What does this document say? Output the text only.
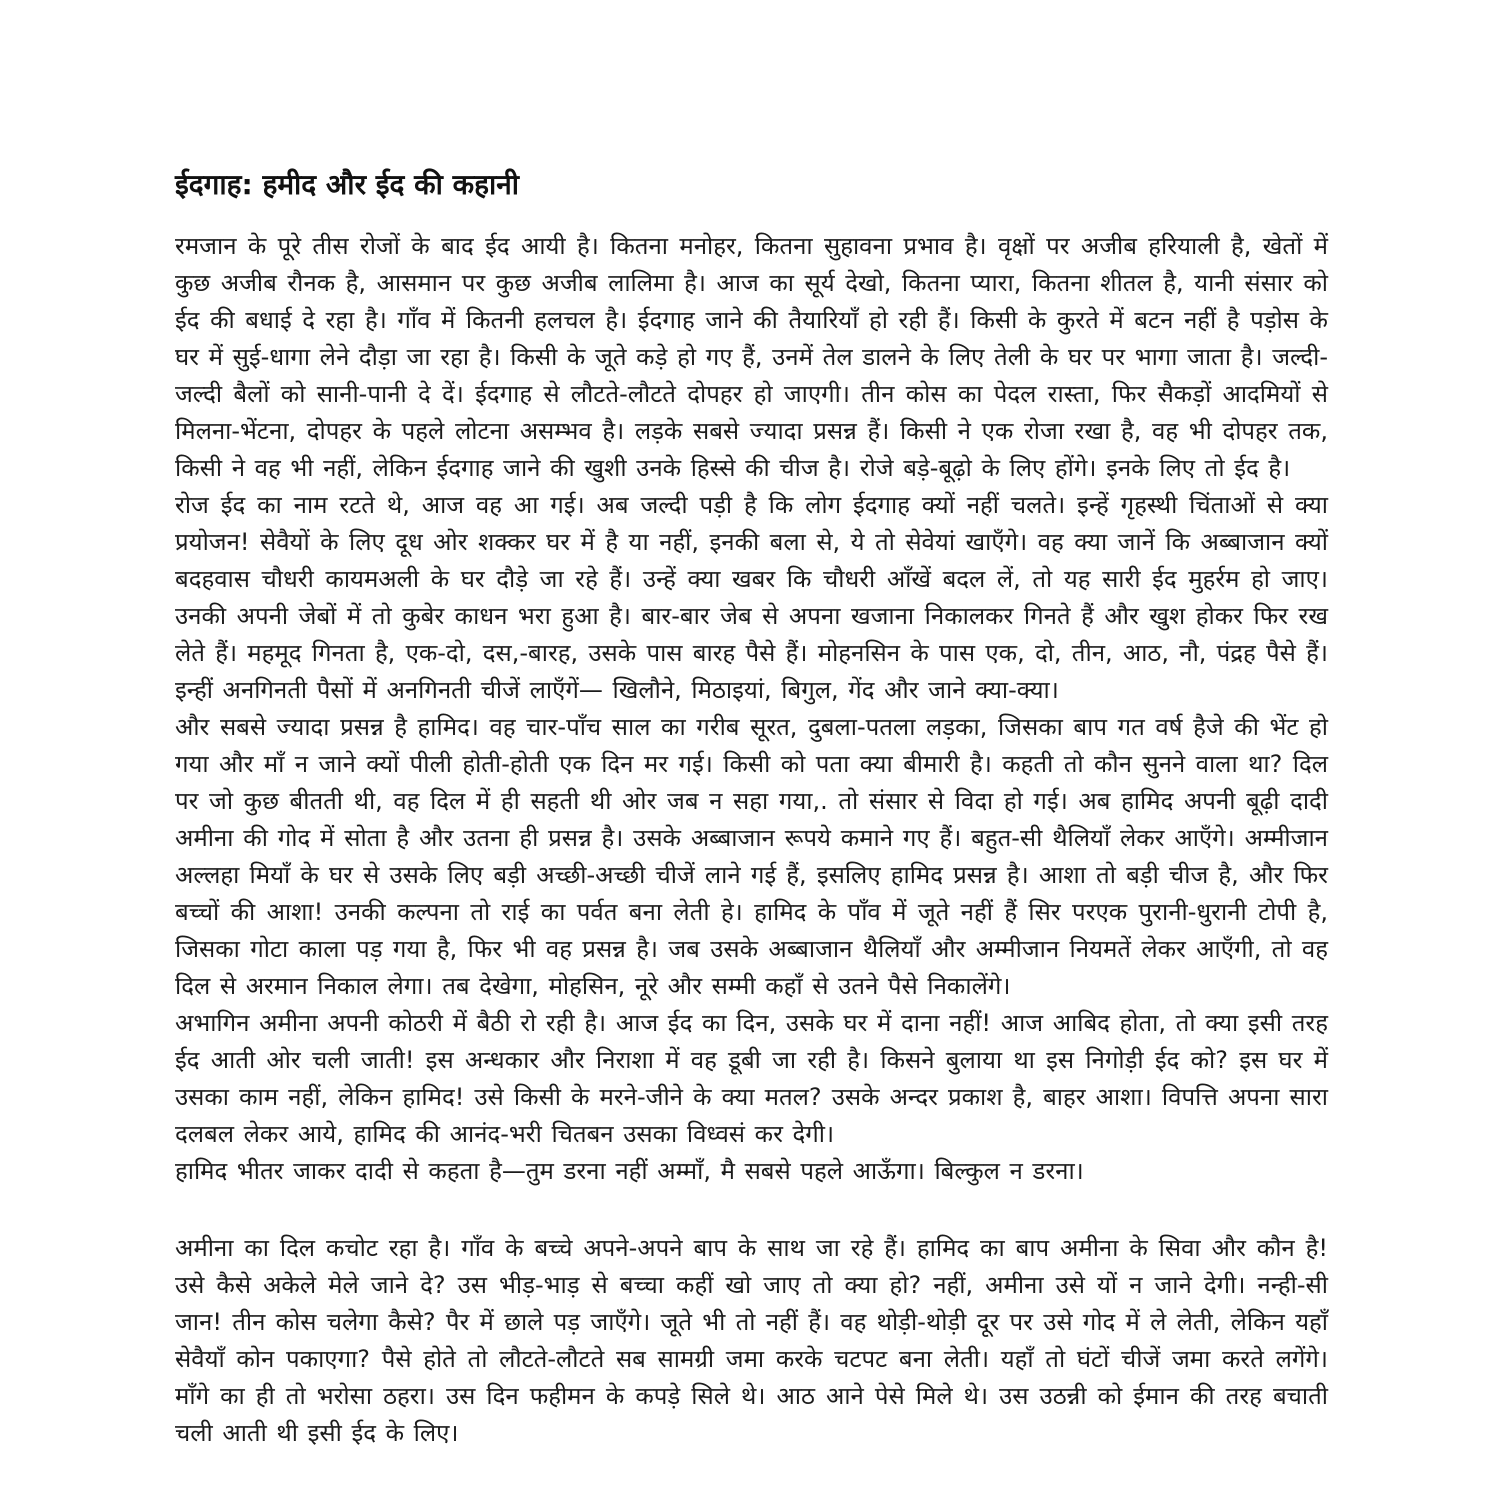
ईदगाह: हमीद और ईद की कहानी

रमजान के पूरे तीस रोजों के बाद ईद आयी है। कितना मनोहर, कितना सुहावना प्रभाव है। वृक्षों पर अजीब हरियाली है, खेतों में कुछ अजीब रौनक है, आसमान पर कुछ अजीब लालिमा है। आज का सूर्य देखो, कितना प्यारा, कितना शीतल है, यानी संसार को ईद की बधाई दे रहा है। गाँव में कितनी हलचल है। ईदगाह जाने की तैयारियाँ हो रही हैं। किसी के कुरते में बटन नहीं है पड़ोस के घर में सुई-धागा लेने दौड़ा जा रहा है। किसी के जूते कड़े हो गए हैं, उनमें तेल डालने के लिए तेली के घर पर भागा जाता है। जल्दी-जल्दी बैलों को सानी-पानी दे दें। ईदगाह से लौटते-लौटते दोपहर हो जाएगी। तीन कोस का पेदल रास्ता, फिर सैकड़ों आदमियों से मिलना-भेंटना, दोपहर के पहले लोटना असम्भव है। लड़के सबसे ज्यादा प्रसन्न हैं। किसी ने एक रोजा रखा है, वह भी दोपहर तक, किसी ने वह भी नहीं, लेकिन ईदगाह जाने की खुशी उनके हिस्से की चीज है। रोजे बड़े-बूढ़ो के लिए होंगे। इनके लिए तो ईद है।

रोज ईद का नाम रटते थे, आज वह आ गई। अब जल्दी पड़ी है कि लोग ईदगाह क्यों नहीं चलते। इन्हें गृहस्थी चिंताओं से क्या प्रयोजन! सेवैयों के लिए दूध ओर शक्कर घर में है या नहीं, इनकी बला से, ये तो सेवेयां खाएँगे। वह क्या जानें कि अब्बाजान क्यों बदहवास चौधरी कायमअली के घर दौड़े जा रहे हैं। उन्हें क्या खबर कि चौधरी आँखें बदल लें, तो यह सारी ईद मुहर्रम हो जाए। उनकी अपनी जेबों में तो कुबेर काधन भरा हुआ है। बार-बार जेब से अपना खजाना निकालकर गिनते हैं और खुश होकर फिर रख लेते हैं। महमूद गिनता है, एक-दो, दस,-बारह, उसके पास बारह पैसे हैं। मोहनसिन के पास एक, दो, तीन, आठ, नौ, पंद्रह पैसे हैं। इन्हीं अनगिनती पैसों में अनगिनती चीजें लाएँगें— खिलौने, मिठाइयां, बिगुल, गेंद और जाने क्या-क्या।

और सबसे ज्यादा प्रसन्न है हामिद। वह चार-पाँच साल का गरीब सूरत, दुबला-पतला लड़का, जिसका बाप गत वर्ष हैजे की भेंट हो गया और माँ न जाने क्यों पीली होती-होती एक दिन मर गई। किसी को पता क्या बीमारी है। कहती तो कौन सुनने वाला था? दिल पर जो कुछ बीतती थी, वह दिल में ही सहती थी ओर जब न सहा गया,. तो संसार से विदा हो गई। अब हामिद अपनी बूढ़ी दादी अमीना की गोद में सोता है और उतना ही प्रसन्न है। उसके अब्बाजान रूपये कमाने गए हैं। बहुत-सी थैलियाँ लेकर आएँगे। अम्मीजान अल्लहा मियाँ के घर से उसके लिए बड़ी अच्छी-अच्छी चीजें लाने गई हैं, इसलिए हामिद प्रसन्न है। आशा तो बड़ी चीज है, और फिर बच्चों की आशा! उनकी कल्पना तो राई का पर्वत बना लेती हे। हामिद के पाँव में जूते नहीं हैं सिर परएक पुरानी-धुरानी टोपी है, जिसका गोटा काला पड़ गया है, फिर भी वह प्रसन्न है। जब उसके अब्बाजान थैलियाँ और अम्मीजान नियमतें लेकर आएँगी, तो वह दिल से अरमान निकाल लेगा। तब देखेगा, मोहसिन, नूरे और सम्मी कहाँ से उतने पैसे निकालेंगे।

अभागिन अमीना अपनी कोठरी में बैठी रो रही है। आज ईद का दिन, उसके घर में दाना नहीं! आज आबिद होता, तो क्या इसी तरह ईद आती ओर चली जाती! इस अन्धकार और निराशा में वह डूबी जा रही है। किसने बुलाया था इस निगोड़ी ईद को? इस घर में उसका काम नहीं, लेकिन हामिद! उसे किसी के मरने-जीने के क्या मतल? उसके अन्दर प्रकाश है, बाहर आशा। विपत्ति अपना सारा दलबल लेकर आये, हामिद की आनंद-भरी चितबन उसका विध्वसं कर देगी।

हामिद भीतर जाकर दादी से कहता है—तुम डरना नहीं अम्माँ, मै सबसे पहले आऊँगा। बिल्कुल न डरना।

अमीना का दिल कचोट रहा है। गाँव के बच्चे अपने-अपने बाप के साथ जा रहे हैं। हामिद का बाप अमीना के सिवा और कौन है! उसे कैसे अकेले मेले जाने दे? उस भीड़-भाड़ से बच्चा कहीं खो जाए तो क्या हो? नहीं, अमीना उसे यों न जाने देगी। नन्ही-सी जान! तीन कोस चलेगा कैसे? पैर में छाले पड़ जाएँगे। जूते भी तो नहीं हैं। वह थोड़ी-थोड़ी दूर पर उसे गोद में ले लेती, लेकिन यहाँ सेवैयाँ कोन पकाएगा? पैसे होते तो लौटते-लौटते सब सामग्री जमा करके चटपट बना लेती। यहाँ तो घंटों चीजें जमा करते लगेंगे। माँगे का ही तो भरोसा ठहरा। उस दिन फहीमन के कपड़े सिले थे। आठ आने पेसे मिले थे। उस उठन्नी को ईमान की तरह बचाती चली आती थी इसी ईद के लिए।
